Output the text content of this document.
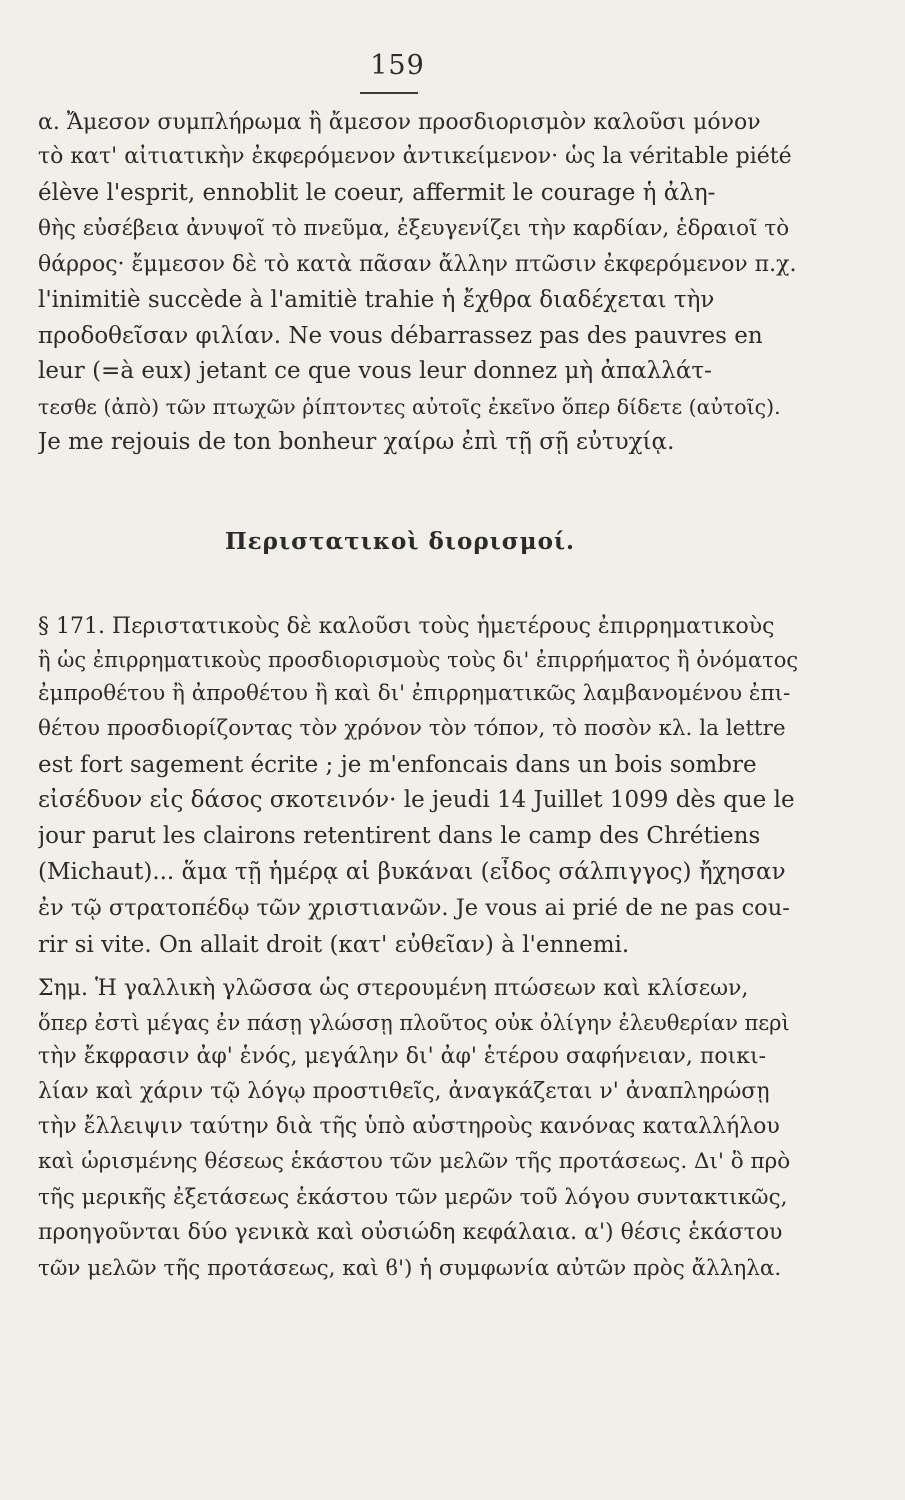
159
α. Ἄμεσον συμπλήρωμα ἢ ἄμεσον προσδιορισμὸν καλοῦσι μόνον
τὸ κατ' αἰτιατικὴν ἐκφερόμενον ἀντικείμενον· ὡς la véritable piété
élève l'esprit, ennoblit le coeur, affermit le courage ἡ ἀλη-
θὴς εὐσέβεια ἀνυψοῖ τὸ πνεῦμα, ἐξευγενίζει τὴν καρδίαν, ἑδραιοῖ τὸ
θάρρος· ἔμμεσον δὲ τὸ κατὰ πᾶσαν ἄλλην πτῶσιν ἐκφερόμενον π.χ.
l'inimitiè succède à l'amitiè trahie ἡ ἔχθρα διαδέχεται τὴν
προδοθεῖσαν φιλίαν. Ne vous débarrassez pas des pauvres en
leur (=à eux) jetant ce que vous leur donnez μὴ ἀπαλλάτ-
τεσθε (ἀπὸ) τῶν πτωχῶν ῥίπτοντες αὐτοῖς ἐκεῖνο ὅπερ δίδετε (αὐτοῖς).
Je me rejouis de ton bonheur χαίρω ἐπὶ τῇ σῇ εὐτυχίᾳ.
Περιστατικοὶ διορισμοί.
§ 171. Περιστατικοὺς δὲ καλοῦσι τοὺς ἡμετέρους ἐπιρρηματικοὺς
ἢ ὡς ἐπιρρηματικοὺς προσδιορισμοὺς τοὺς δι' ἐπιρρήματος ἢ ὀνόματος
ἐμπροθέτου ἢ ἀπροθέτου ἢ καὶ δι' ἐπιρρηματικῶς λαμβανομένου ἐπι-
θέτου προσδιορίζοντας τὸν χρόνον τὸν τόπον, τὸ ποσὸν κλ. la lettre
est fort sagement écrite ; je m'enfoncais dans un bois sombre
εἰσέδυον εἰς δάσος σκοτεινόν· le jeudi 14 Juillet 1099 dès que le
jour parut les clairons retentirent dans le camp des Chrétiens
(Michaut)... ἅμα τῇ ἡμέρᾳ αἱ βυκάναι (εἶδος σάλπιγγος) ἤχησαν
ἐν τῷ στρατοπέδῳ τῶν χριστιανῶν. Je vous ai prié de ne pas cou-
rir si vite. On allait droit (κατ' εὐθεῖαν) à l'ennemi.
Σημ. Ἡ γαλλικὴ γλῶσσα ὡς στερουμένη πτώσεων καὶ κλίσεων,
ὅπερ ἐστὶ μέγας ἐν πάσῃ γλώσσῃ πλοῦτος οὐκ ὀλίγην ἐλευθερίαν περὶ
τὴν ἔκφρασιν ἀφ' ἑνός, μεγάλην δι' ἀφ' ἑτέρου σαφήνειαν, ποικι-
λίαν καὶ χάριν τῷ λόγῳ προστιθεῖς, ἀναγκάζεται ν' ἀναπληρώσῃ
τὴν ἔλλειψιν ταύτην διὰ τῆς ὑπὸ αὐστηροὺς κανόνας καταλλήλου
καὶ ὡρισμένης θέσεως ἑκάστου τῶν μελῶν τῆς προτάσεως. Δι' ὃ πρὸ
τῆς μερικῆς ἐξετάσεως ἑκάστου τῶν μερῶν τοῦ λόγου συντακτικῶς,
προηγοῦνται δύο γενικὰ καὶ οὐσιώδη κεφάλαια. α') θέσις ἑκάστου
τῶν μελῶν τῆς προτάσεως, καὶ ϐ') ἡ συμφωνία αὐτῶν πρὸς ἄλληλα.
